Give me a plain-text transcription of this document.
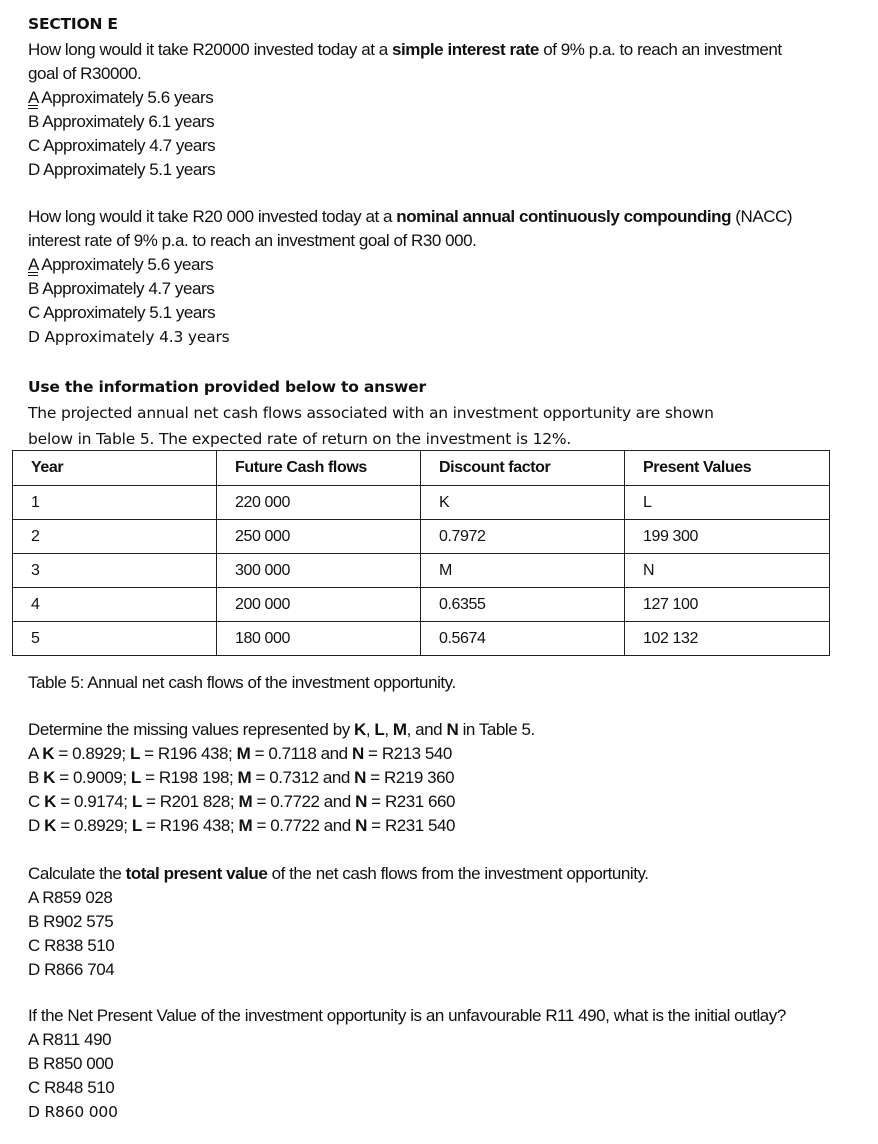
SECTION E
How long would it take R20000 invested today at a simple interest rate of 9% p.a. to reach an investment
goal of R30000.
A Approximately 5.6 years
B Approximately 6.1 years
C Approximately 4.7 years
D Approximately 5.1 years
How long would it take R20 000 invested today at a nominal annual continuously compounding (NACC)
interest rate of 9% p.a. to reach an investment goal of R30 000.
A Approximately 5.6 years
B Approximately 4.7 years
C Approximately 5.1 years
D Approximately 4.3 years
Use the information provided below to answer
The projected annual net cash flows associated with an investment opportunity are shown
below in Table 5. The expected rate of return on the investment is 12%.
Year	Future Cash flows	Discount factor	Present Values
1	220 000	K	L
2	250 000	0.7972	199 300
3	300 000	M	N
4	200 000	0.6355	127 100
5	180 000	0.5674	102 132
Table 5: Annual net cash flows of the investment opportunity.
Determine the missing values represented by K, L, M, and N in Table 5.
A K = 0.8929; L = R196 438; M = 0.7118 and N = R213 540
B K = 0.9009; L = R198 198; M = 0.7312 and N = R219 360
C K = 0.9174; L = R201 828; M = 0.7722 and N = R231 660
D K = 0.8929; L = R196 438; M = 0.7722 and N = R231 540
Calculate the total present value of the net cash flows from the investment opportunity.
A R859 028
B R902 575
C R838 510
D R866 704
If the Net Present Value of the investment opportunity is an unfavourable R11 490, what is the initial outlay?
A R811 490
B R850 000
C R848 510
D R860 000
